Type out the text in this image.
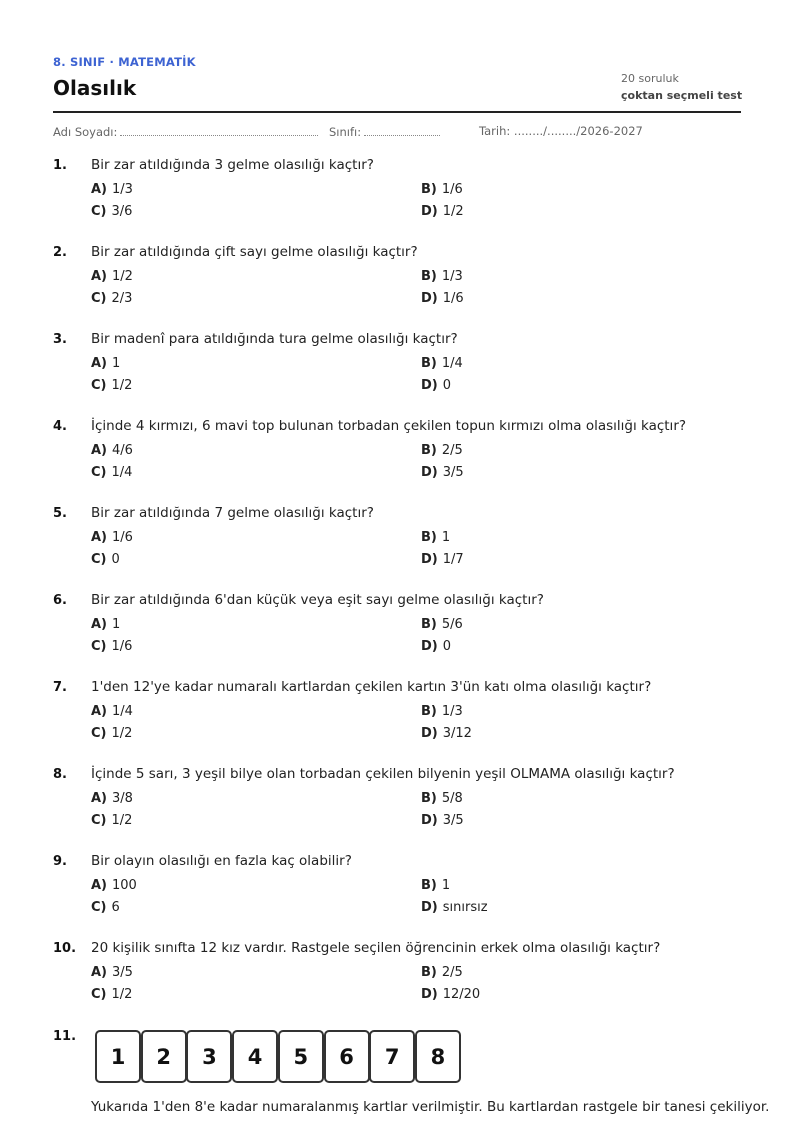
8. SINIF · MATEMATİK
Olasılık	20 soruluk
çoktan seçmeli test
Adı Soyadı:	Sınıfı:	Tarih: ......../......../2026-2027
1. Bir zar atıldığında 3 gelme olasılığı kaçtır?
A) 1/3	B) 1/6
C) 3/6	D) 1/2
2. Bir zar atıldığında çift sayı gelme olasılığı kaçtır?
A) 1/2	B) 1/3
C) 2/3	D) 1/6
3. Bir madenî para atıldığında tura gelme olasılığı kaçtır?
A) 1	B) 1/4
C) 1/2	D) 0
4. İçinde 4 kırmızı, 6 mavi top bulunan torbadan çekilen topun kırmızı olma olasılığı kaçtır?
A) 4/6	B) 2/5
C) 1/4	D) 3/5
5. Bir zar atıldığında 7 gelme olasılığı kaçtır?
A) 1/6	B) 1
C) 0	D) 1/7
6. Bir zar atıldığında 6'dan küçük veya eşit sayı gelme olasılığı kaçtır?
A) 1	B) 5/6
C) 1/6	D) 0
7. 1'den 12'ye kadar numaralı kartlardan çekilen kartın 3'ün katı olma olasılığı kaçtır?
A) 1/4	B) 1/3
C) 1/2	D) 3/12
8. İçinde 5 sarı, 3 yeşil bilye olan torbadan çekilen bilyenin yeşil OLMAMA olasılığı kaçtır?
A) 3/8	B) 5/8
C) 1/2	D) 3/5
9. Bir olayın olasılığı en fazla kaç olabilir?
A) 100	B) 1
C) 6	D) sınırsız
10. 20 kişilik sınıfta 12 kız vardır. Rastgele seçilen öğrencinin erkek olma olasılığı kaçtır?
A) 3/5	B) 2/5
C) 1/2	D) 12/20
11.
1	2	3	4	5	6	7	8
Yukarıda 1'den 8'e kadar numaralanmış kartlar verilmiştir. Bu kartlardan rastgele bir tanesi çekiliyor.
